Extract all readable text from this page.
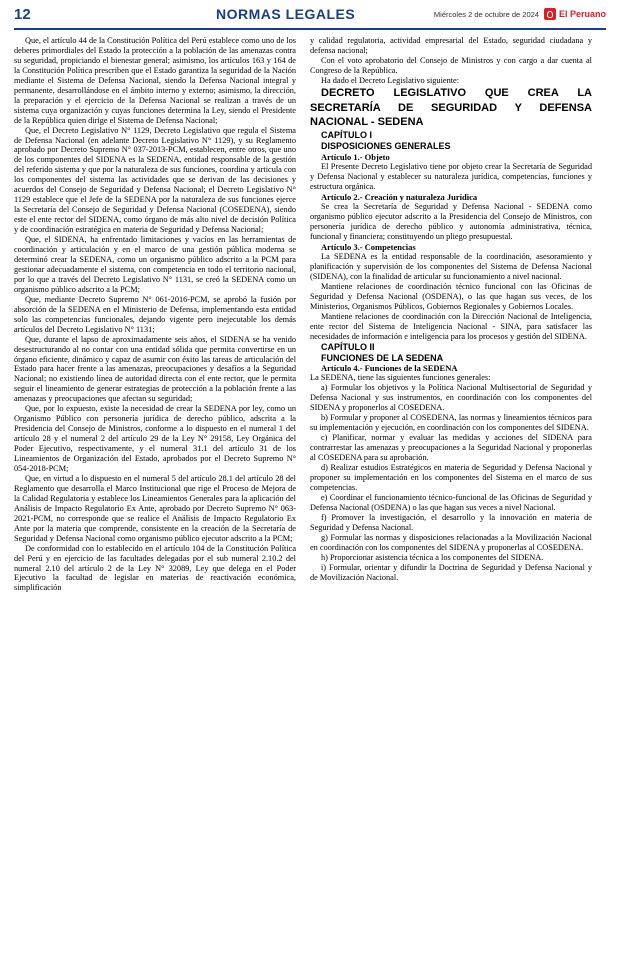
12	NORMAS LEGALES	Miércoles 2 de octubre de 2024 El Peruano

Que, el artículo 44 de la Constitución Política del Perú establece como uno de los deberes primordiales del Estado la protección a la población de las amenazas contra su seguridad, propiciando el bienestar general; asimismo, los artículos 163 y 164 de la Constitución Política prescriben que el Estado garantiza la seguridad de la Nación mediante el Sistema de Defensa Nacional, siendo la Defensa Nacional integral y permanente, desarrollándose en el ámbito interno y externo; asimismo, la dirección, la preparación y el ejercicio de la Defensa Nacional se realizan a través de un sistema cuya organización y cuyas funciones determina la Ley, siendo el Presidente de la República quien dirige el Sistema de Defensa Nacional;

Que, el Decreto Legislativo N° 1129, Decreto Legislativo que regula el Sistema de Defensa Nacional (en adelante Decreto Legislativo N° 1129), y su Reglamento aprobado por Decreto Supremo N° 037-2013-PCM, establecen, entre otros, que uno de los componentes del SIDENA es la SEDENA, entidad responsable de la gestión del referido sistema y que por la naturaleza de sus funciones, coordina y articula con los componentes del sistema las actividades que se derivan de las decisiones y acuerdos del Consejo de Seguridad y Defensa Nacional; el Decreto Legislativo N° 1129 establece que el Jefe de la SEDENA por la naturaleza de sus funciones ejerce la Secretaría del Consejo de Seguridad y Defensa Nacional (COSEDENA), siendo este el ente rector del SIDENA, como órgano de más alto nivel de decisión Política y de coordinación estratégica en materia de Seguridad y Defensa Nacional;

Que, el SIDENA, ha enfrentado limitaciones y vacíos en las herramientas de coordinación y articulación y en el marco de una gestión pública moderna se determinó crear la SEDENA, como un organismo público adscrito a la PCM para gestionar adecuadamente el sistema, con competencia en todo el territorio nacional, por lo que a través del Decreto Legislativo N° 1131, se creó la SEDENA como un organismo público adscrito a la PCM;

Que, mediante Decreto Supremo N° 061-2016-PCM, se aprobó la fusión por absorción de la SEDENA en el Ministerio de Defensa, implementando esta entidad solo las competencias funcionales, dejando vigente pero inejecutable los demás artículos del Decreto Legislativo N° 1131;

Que, durante el lapso de aproximadamente seis años, el SIDENA se ha venido desestructurando al no contar con una entidad sólida que permita convertirse en un órgano eficiente, dinámico y capaz de asumir con éxito las tareas de articulación del Estado para hacer frente a las amenazas, preocupaciones y desafíos a la Seguridad Nacional; no existiendo línea de autoridad directa con el ente rector, que le permita seguir el lineamiento de generar estrategias de protección a la población frente a las amenazas y preocupaciones que afectan su seguridad;

Que, por lo expuesto, existe la necesidad de crear la SEDENA por ley, como un Organismo Público con personería jurídica de derecho público, adscrita a la Presidencia del Consejo de Ministros, conforme a lo dispuesto en el numeral 1 del artículo 28 y el numeral 2 del artículo 29 de la Ley N° 29158, Ley Orgánica del Poder Ejecutivo, respectivamente, y el numeral 31.1 del artículo 31 de los Lineamientos de Organización del Estado, aprobados por el Decreto Supremo N° 054-2018-PCM;

Que, en virtud a lo dispuesto en el numeral 5 del artículo 28.1 del artículo 28 del Reglamento que desarrolla el Marco Institucional que rige el Proceso de Mejora de la Calidad Regulatoria y establece los Lineamientos Generales para la aplicación del Análisis de Impacto Regulatorio Ex Ante, aprobado por Decreto Supremo N° 063-2021-PCM, no corresponde que se realice el Análisis de Impacto Regulatorio Ex Ante por la materia que comprende, consistente en la creación de la Secretaría de Seguridad y Defensa Nacional como organismo público ejecutor adscrito a la PCM;

De conformidad con lo establecido en el artículo 104 de la Constitución Política del Perú y en ejercicio de las facultades delegadas por el sub numeral 2.10.2 del numeral 2.10 del artículo 2 de la Ley N° 32089, Ley que delega en el Poder Ejecutivo la facultad de legislar en materias de reactivación económica, simplificación

y calidad regulatoria, actividad empresarial del Estado, seguridad ciudadana y defensa nacional;

Con el voto aprobatorio del Consejo de Ministros y con cargo a dar cuenta al Congreso de la República.

Ha dado el Decreto Legislativo siguiente:

DECRETO LEGISLATIVO QUE CREA LA SECRETARÍA DE SEGURIDAD Y DEFENSA NACIONAL - SEDENA

CAPÍTULO I

DISPOSICIONES GENERALES

Artículo 1.- Objeto

El Presente Decreto Legislativo tiene por objeto crear la Secretaría de Seguridad y Defensa Nacional y establecer su naturaleza jurídica, competencias, funciones y estructura orgánica.

Artículo 2.- Creación y naturaleza Jurídica

Se crea la Secretaría de Seguridad y Defensa Nacional - SEDENA como organismo público ejecutor adscrito a la Presidencia del Consejo de Ministros, con personería jurídica de derecho público y autonomía administrativa, técnica, funcional y financiera; constituyendo un pliego presupuestal.

Artículo 3.- Competencias

La SEDENA es la entidad responsable de la coordinación, asesoramiento y planificación y supervisión de los componentes del Sistema de Defensa Nacional (SIDENA), con la finalidad de articular su funcionamiento a nivel nacional.

Mantiene relaciones de coordinación técnico funcional con las Oficinas de Seguridad y Defensa Nacional (OSDENA), o las que hagan sus veces, de los Ministerios, Organismos Públicos, Gobiernos Regionales y Gobiernos Locales.

Mantiene relaciones de coordinación con la Dirección Nacional de Inteligencia, ente rector del Sistema de Inteligencia Nacional - SINA, para satisfacer las necesidades de información e inteligencia para los procesos y gestión del SIDENA.

CAPÍTULO II

FUNCIONES DE LA SEDENA

Artículo 4.- Funciones de la SEDENA

La SEDENA, tiene las siguientes funciones generales:

a) Formular los objetivos y la Política Nacional Multisectorial de Seguridad y Defensa Nacional y sus instrumentos, en coordinación con los componentes del SIDENA y proponerlos al COSEDENA.

b) Formular y proponer al COSEDENA, las normas y lineamientos técnicos para su implementación y ejecución, en coordinación con los componentes del SIDENA.

c) Planificar, normar y evaluar las medidas y acciones del SIDENA para contrarrestar las amenazas y preocupaciones a la Seguridad Nacional y proponerlas al COSEDENA para su aprobación.

d) Realizar estudios Estratégicos en materia de Seguridad y Defensa Nacional y proponer su implementación en los componentes del Sistema en el marco de sus competencias.

e) Coordinar el funcionamiento técnico-funcional de las Oficinas de Seguridad y Defensa Nacional (OSDENA) o las que hagan sus veces a nivel Nacional.

f) Promover la investigación, el desarrollo y la innovación en materia de Seguridad y Defensa Nacional.

g) Formular las normas y disposiciones relacionadas a la Movilización Nacional en coordinación con los componentes del SIDENA y proponerlas al COSEDENA.

h) Proporcionar asistencia técnica a los componentes del SIDENA.

i) Formular, orientar y difundir la Doctrina de Seguridad y Defensa Nacional y de Movilización Nacional.
